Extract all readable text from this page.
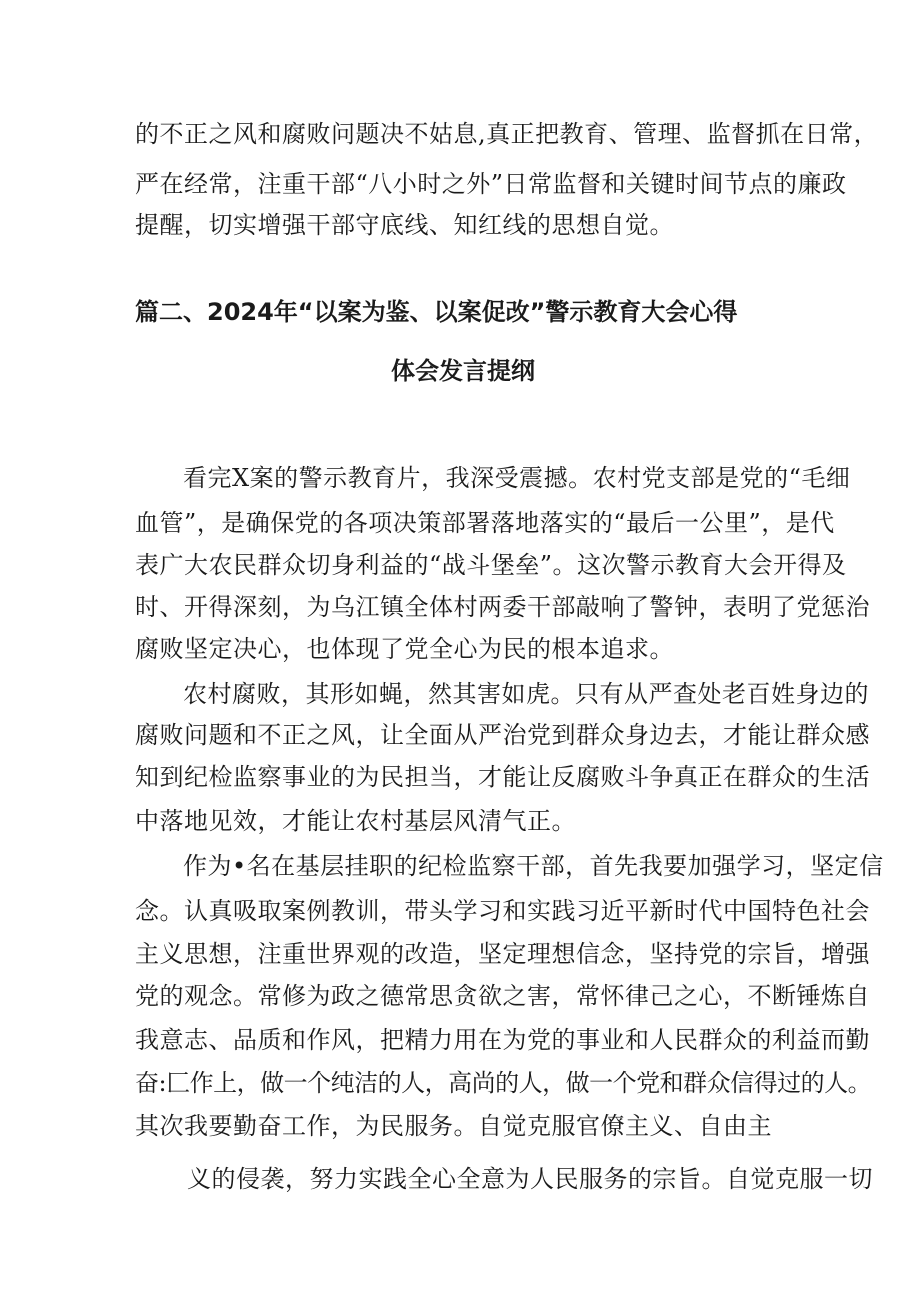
的不正之风和腐败问题决不姑息,真正把教育、管理、监督抓在日常，
严在经常，注重干部“八小时之外”日常监督和关键时间节点的廉政
提醒，切实增强干部守底线、知红线的思想自觉。
篇二、2024年“以案为鉴、以案促改”警示教育大会心得
体会发言提纲
看完X案的警示教育片，我深受震撼。农村党支部是党的“毛细
血管”，是确保党的各项决策部署落地落实的“最后一公里”，是代
表广大农民群众切身利益的“战斗堡垒”。这次警示教育大会开得及
时、开得深刻，为乌江镇全体村两委干部敲响了警钟，表明了党惩治
腐败坚定决心，也体现了党全心为民的根本追求。
农村腐败，其形如蝇，然其害如虎。只有从严查处老百姓身边的
腐败问题和不正之风，让全面从严治党到群众身边去，才能让群众感
知到纪检监察事业的为民担当，才能让反腐败斗争真正在群众的生活
中落地见效，才能让农村基层风清气正。
作为•名在基层挂职的纪检监察干部，首先我要加强学习，坚定信
念。认真吸取案例教训，带头学习和实践习近平新时代中国特色社会
主义思想，注重世界观的改造，坚定理想信念，坚持党的宗旨，增强
党的观念。常修为政之德常思贪欲之害，常怀律己之心，不断锤炼自
我意志、品质和作风，把精力用在为党的事业和人民群众的利益而勤
奋:匚作上，做一个纯洁的人，高尚的人，做一个党和群众信得过的人。
其次我要勤奋工作，为民服务。自觉克服官僚主义、自由主
义的侵袭，努力实践全心全意为人民服务的宗旨。自觉克服一切
